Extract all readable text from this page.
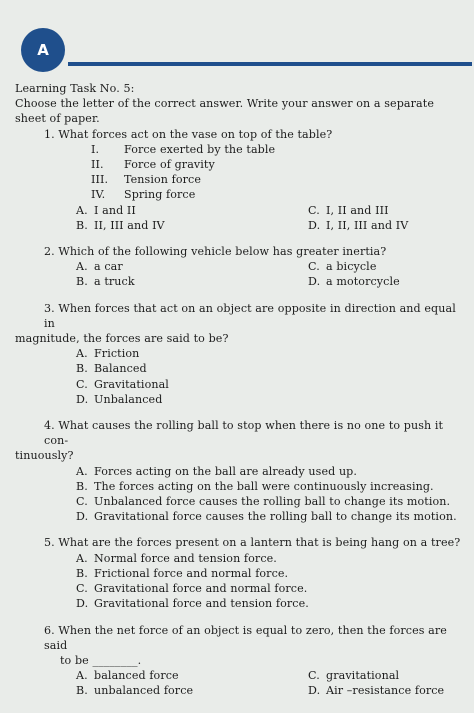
A
Learning Task No. 5:
Choose the letter of the correct answer. Write your answer on a separate sheet of paper.
1. What forces act on the vase on top of the table?
I.	Force exerted by the table
II.	Force of gravity
III.	Tension force
IV.	Spring force
A. I and II	C. I, II and III
B. II, III and IV	D. I, II, III and IV
2. Which of the following vehicle below has greater inertia?
A. a car	C. a bicycle
B. a truck	D. a motorcycle
3. When forces that act on an object are opposite in direction and equal in
magnitude, the forces are said to be?
A. Friction
B. Balanced
C. Gravitational
D. Unbalanced
4. What causes the rolling ball to stop when there is no one to push it con-
tinuously?
A. Forces acting on the ball are already used up.
B. The forces acting on the ball were continuously increasing.
C. Unbalanced force causes the rolling ball to change its motion.
D. Gravitational force causes the rolling ball to change its motion.
5. What are the forces present on a lantern that is being hang on a tree?
A. Normal force and tension force.
B. Frictional force and normal force.
C. Gravitational force and normal force.
D. Gravitational force and tension force.
6. When the net force of an object is equal to zero, then the forces are said
to be ________.
A. balanced force	C. gravitational
B. unbalanced force	D. Air –resistance force
